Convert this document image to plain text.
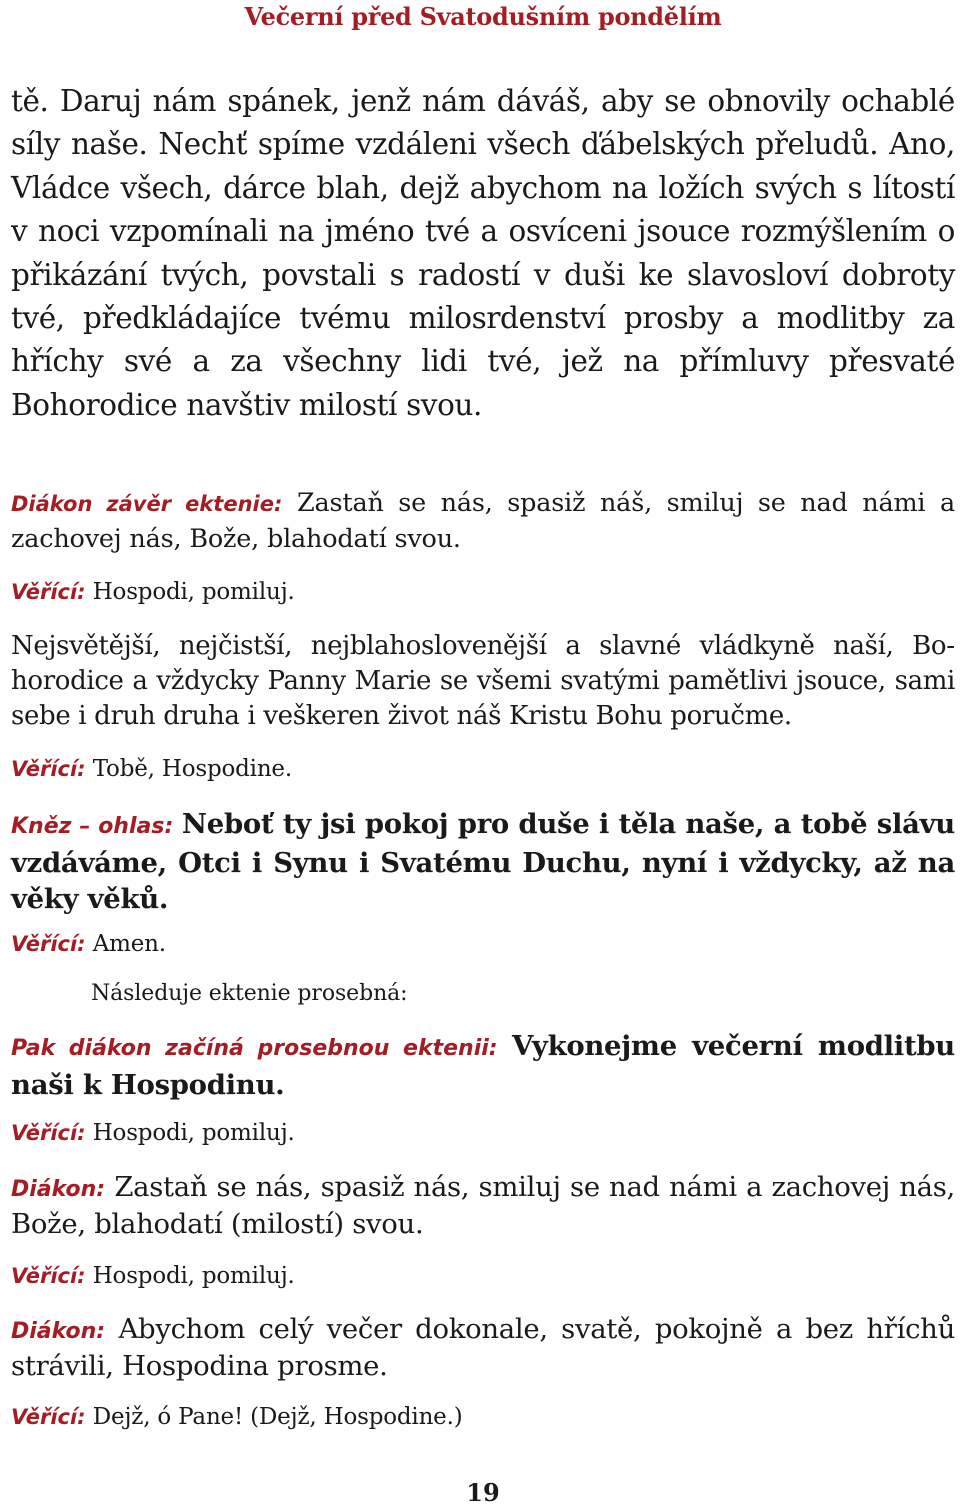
Večerní před Svatodušním pondělím

tě. Daruj nám spánek, jenž nám dáváš, aby se obnovily ochablé síly naše. Nechť spíme vzdáleni všech ďábelských přeludů. Ano, Vládce všech, dárce blah, dejž abychom na ložích svých s lítostí v noci vzpomínali na jméno tvé a osvíceni jsouce rozmýšlením o přikázání tvých, povstali s radostí v duši ke slavosloví dobroty tvé, předkládajíce tvému milosrdenství prosby a modlitby za hříchy své a za všechny lidi tvé, jež na přímluvy přesvaté Bohorodice navštiv milostí svou.

Diákon závěr ektenie: Zastaň se nás, spasiž náš, smiluj se nad námi a zachovej nás, Bože, blahodatí svou.

Věřící: Hospodi, pomiluj.

Nejsvětější, nejčistší, nejblahoslovenější a slavné vládkyně naší, Bohorodice a vždycky Panny Marie se všemi svatými pamětlivi jsouce, sami sebe i druh druha i veškeren život náš Kristu Bohu poručme.

Věřící: Tobě, Hospodine.

Kněz – ohlas: Neboť ty jsi pokoj pro duše i těla naše, a tobě slávu vzdáváme, Otci i Synu i Svatému Duchu, nyní i vždycky, až na věky věků.

Věřící: Amen.

Následuje ektenie prosebná:

Pak diákon začíná prosebnou ektenii: Vykonejme večerní modlitbu naši k Hospodinu.

Věřící: Hospodi, pomiluj.

Diákon: Zastaň se nás, spasiž nás, smiluj se nad námi a zachovej nás, Bože, blahodatí (milostí) svou.

Věřící: Hospodi, pomiluj.

Diákon: Abychom celý večer dokonale, svatě, pokojně a bez hříchů strávili, Hospodina prosme.

Věřící: Dejž, ó Pane! (Dejž, Hospodine.)

19
